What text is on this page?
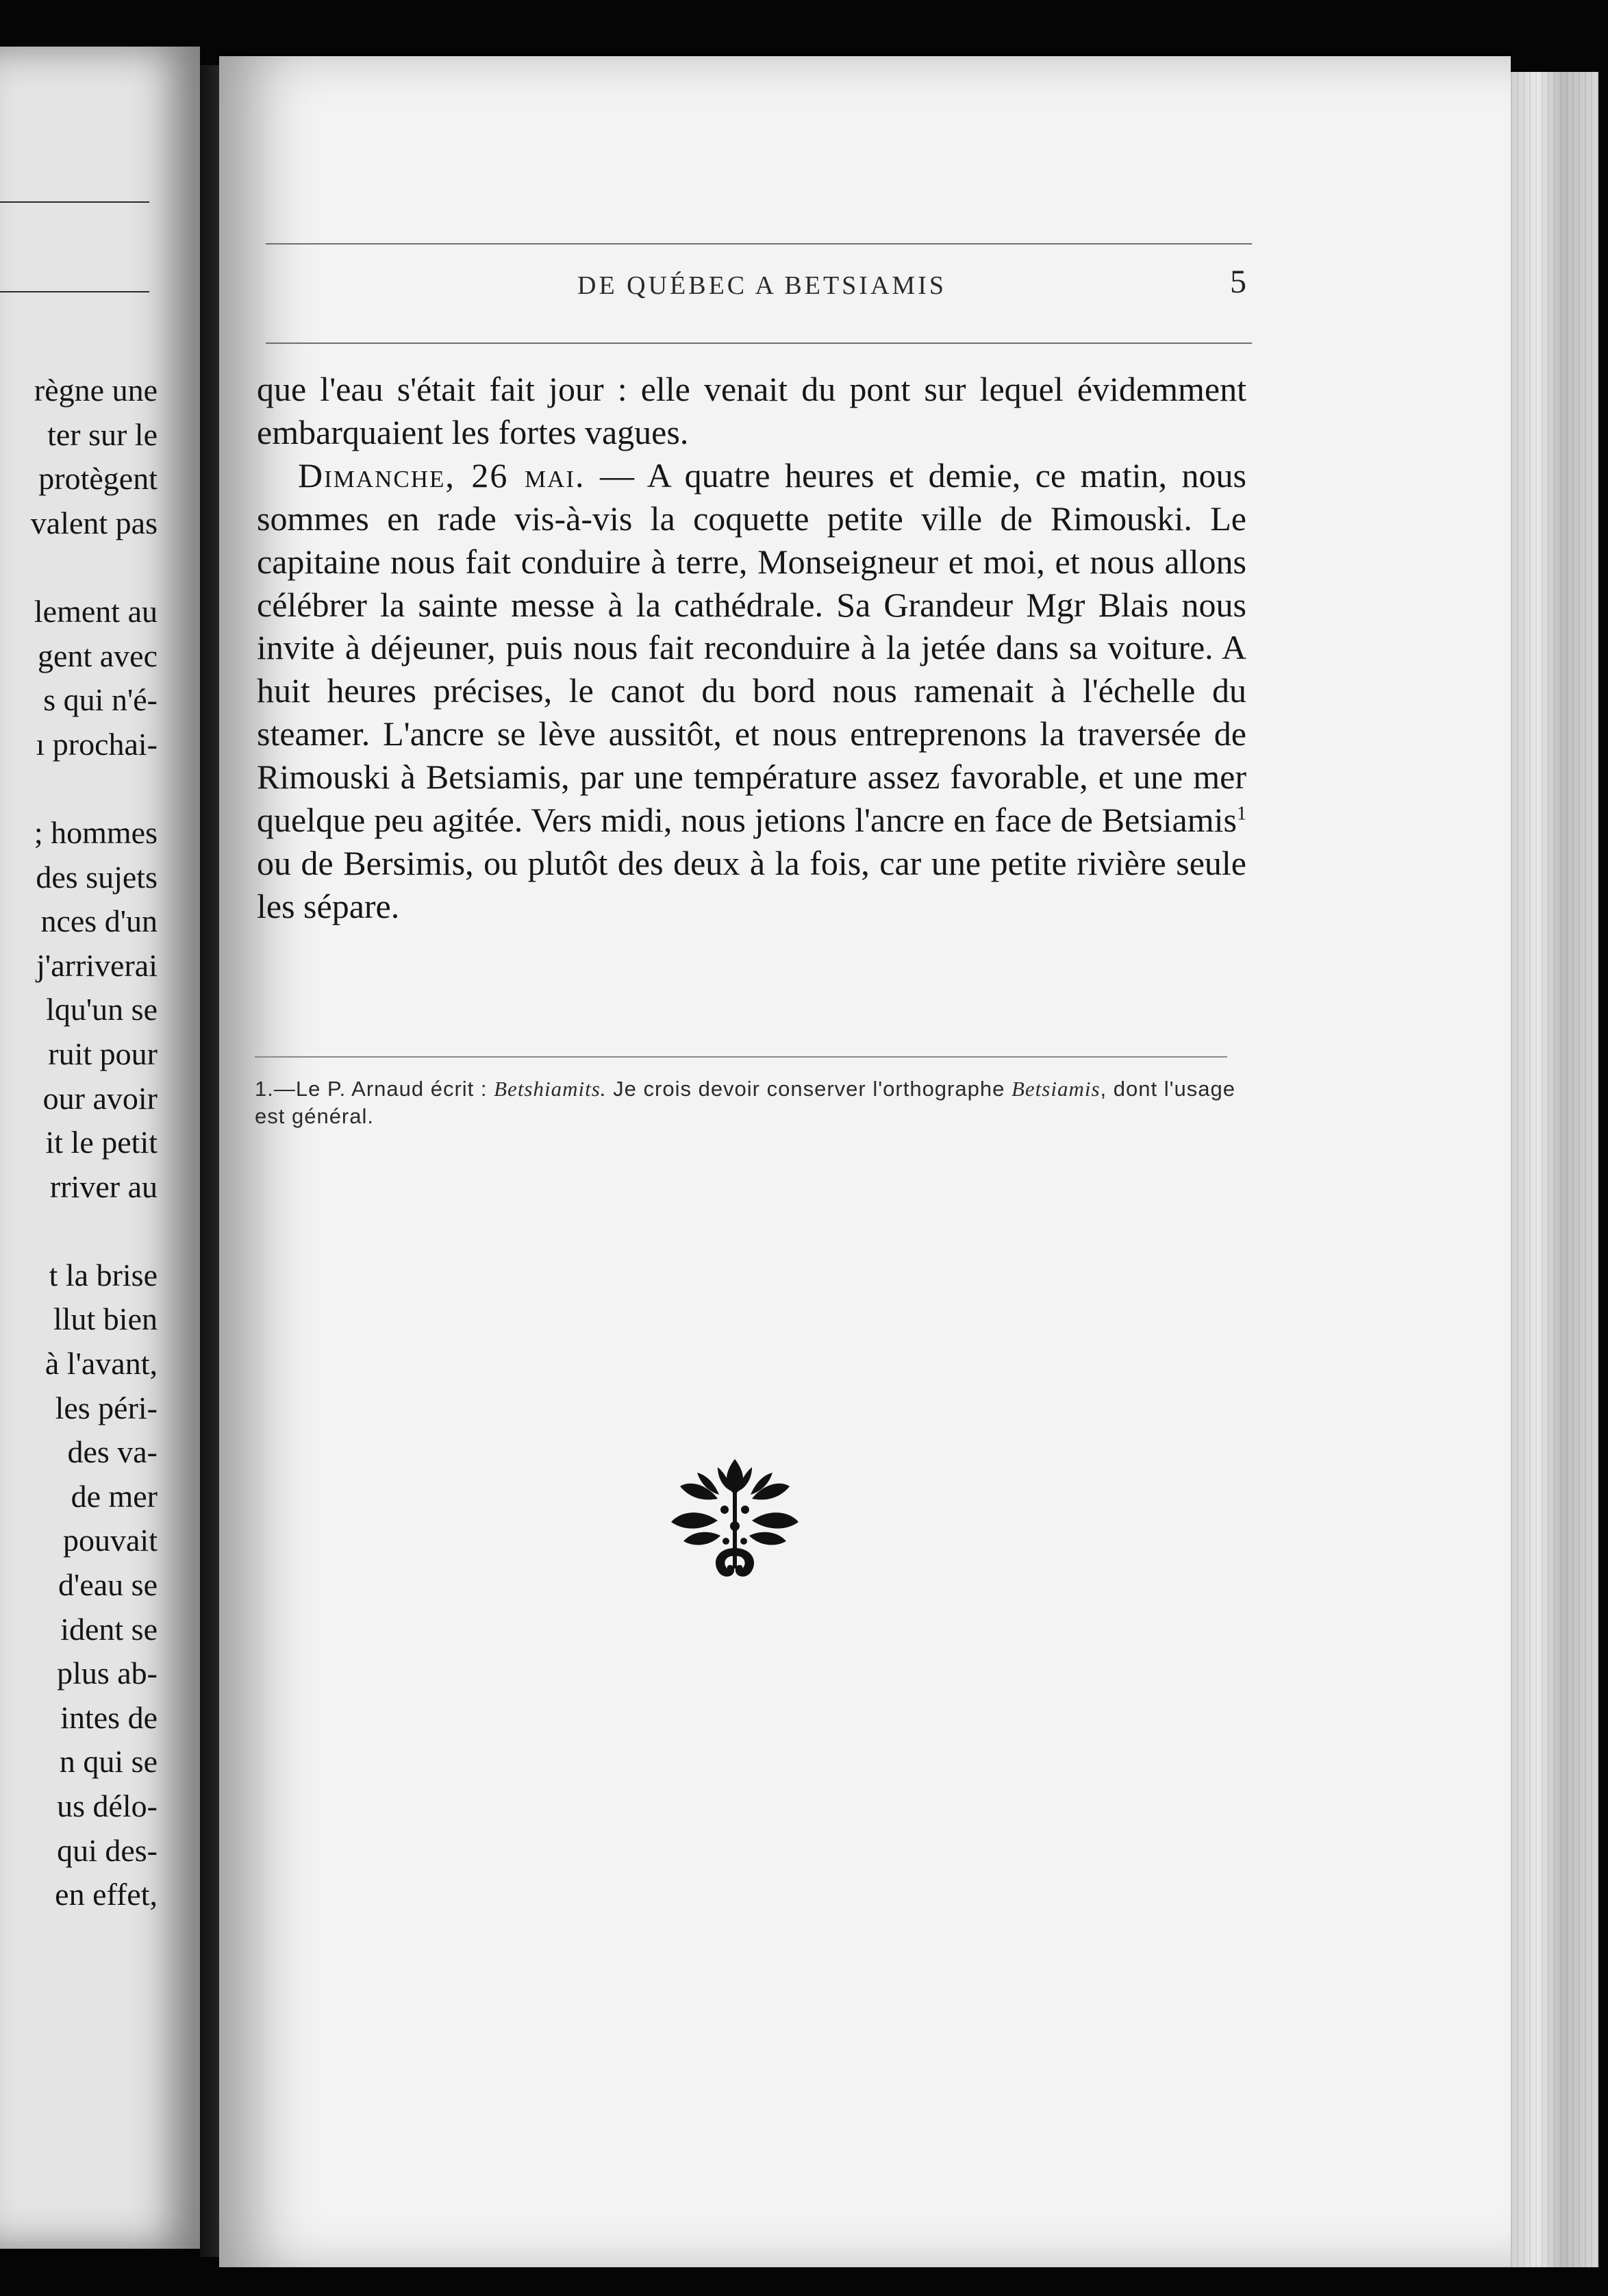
règne une
ter sur le
protègent
valent pas
lement au
gent avec
s qui n'é-
ı prochai-
; hommes
des sujets
nces d'un
j'arriverai
lqu'un se
ruit pour
our avoir
it le petit
rriver au
t la brise
llut bien
à l'avant,
les péri-
des va-
de mer
pouvait
d'eau se
ident se
plus ab-
intes de
n qui se
us délo-
qui des-
en effet,
DE QUÉBEC A BETSIAMIS	5

que l'eau s'était fait jour : elle venait du pont sur lequel évidemment embarquaient les fortes vagues.

Dimanche, 26 mai. — A quatre heures et demie, ce matin, nous sommes en rade vis-à-vis la coquette petite ville de Rimouski. Le capitaine nous fait conduire à terre, Monseigneur et moi, et nous allons célébrer la sainte messe à la cathédrale. Sa Grandeur Mgr Blais nous invite à déjeuner, puis nous fait reconduire à la jetée dans sa voiture. A huit heures précises, le canot du bord nous ramenait à l'échelle du steamer. L'ancre se lève aussitôt, et nous entreprenons la traversée de Rimouski à Betsiamis, par une température assez favorable, et une mer quelque peu agitée. Vers midi, nous jetions l'ancre en face de Betsiamis$^1$ ou de Bersimis, ou plutôt des deux à la fois, car une petite rivière seule les sépare.

1.—Le P. Arnaud écrit : Betshiamits. Je crois devoir conserver l'orthographe Betsiamis, dont l'usage est général.
